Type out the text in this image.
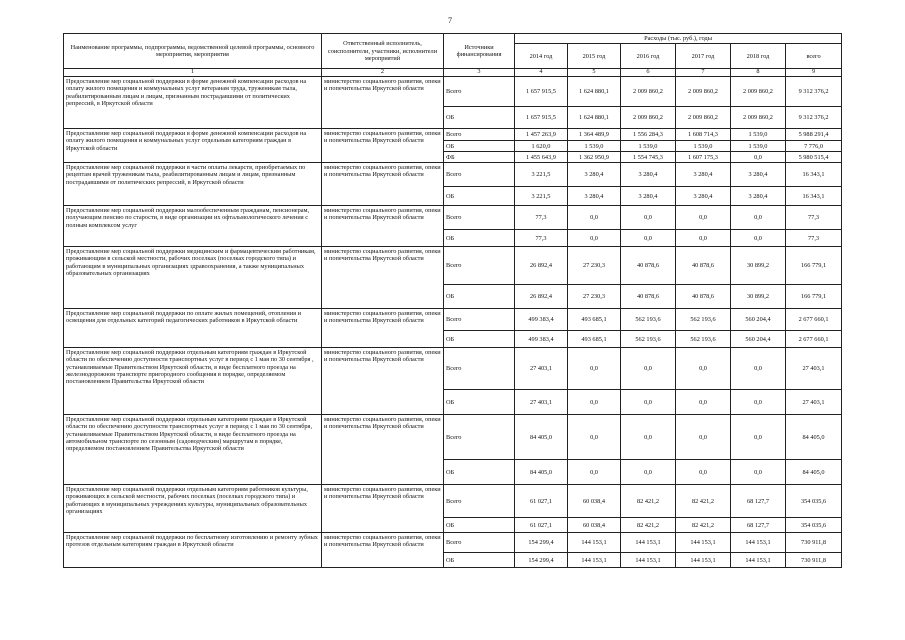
7
Наименование программы, подпрограммы, ведомственной целевой программы, основного мероприятия, мероприятия	Ответственный исполнитель, соисполнители, участники, исполнители мероприятий	Источники финансирования	Расходы (тыс. руб.), годы					
			2014 год	2015 год	2016 год	2017 год	2018 год	всего
1	2	3	4	5	6	7	8	9
Предоставление мер социальной поддержки в форме денежной компенсации расходов на оплату жилого помещения и коммунальных услуг ветеранам труда, труженикам тыла, реабилитированным лицам и лицам, признанным пострадавшими от политических репрессий, в Иркутской области	министерство социального развития, опеки и попечительства Иркутской области	Всего	1 657 915,5	1 624 880,1	2 009 860,2	2 009 860,2	2 009 860,2	9 312 376,2
		ОБ	1 657 915,5	1 624 880,1	2 009 860,2	2 009 860,2	2 009 860,2	9 312 376,2
Предоставление мер социальной поддержки в форме денежной компенсации расходов на оплату жилого помещения и коммунальных услуг отдельным категориям граждан в Иркутской области	министерство социального развития, опеки и попечительства Иркутской области	Всего	1 457 263,9	1 364 489,9	1 556 284,3	1 608 714,3	1 539,0	5 988 291,4
		ОБ	1 620,0	1 539,0	1 539,0	1 539,0	1 539,0	7 776,0
		ФБ	1 455 643,9	1 362 950,9	1 554 745,3	1 607 175,3	0,0	5 980 515,4
Предоставление мер социальной поддержки в части оплаты лекарств, приобретаемых по рецептам врачей труженикам тыла, реабилитированным лицам и лицам, признанным пострадавшими от политических репрессий, в Иркутской области	министерство социального развития, опеки и попечительства Иркутской области	Всего	3 221,5	3 280,4	3 280,4	3 280,4	3 280,4	16 343,1
		ОБ	3 221,5	3 280,4	3 280,4	3 280,4	3 280,4	16 343,1
Предоставление мер социальной поддержки малообеспеченным гражданам, пенсионерам, получающим пенсию по старости, в виде организации их офтальмологического лечения с полным комплексом услуг	министерство социального развития, опеки и попечительства Иркутской области	Всего	77,3	0,0	0,0	0,0	0,0	77,3
		ОБ	77,3	0,0	0,0	0,0	0,0	77,3
Предоставление мер социальной поддержки медицинским и фармацевтическим работникам, проживающим в сельской местности, рабочих поселках (поселках городского типа) и работающим в муниципальных организациях здравоохранения, а также муниципальных образовательных организациях	министерство социального развития, опеки и попечительства Иркутской области	Всего	26 892,4	27 230,3	40 878,6	40 878,6	30 899,2	166 779,1
		ОБ	26 892,4	27 230,3	40 878,6	40 878,6	30 899,2	166 779,1
Предоставление мер социальной поддержки по оплате жилых помещений, отопления и освещения для отдельных категорий педагогических работников в Иркутской области	министерство социального развития, опеки и попечительства Иркутской области	Всего	499 383,4	493 685,1	562 193,6	562 193,6	560 204,4	2 677 660,1
		ОБ	499 383,4	493 685,1	562 193,6	562 193,6	560 204,4	2 677 660,1
Предоставление мер социальной поддержки отдельным категориям граждан в Иркутской области по обеспечению доступности транспортных услуг в период с 1 мая по 30 сентября , устанавливаемые Правительством Иркутской области, в виде бесплатного проезда на железнодорожном транспорте пригородного сообщения в порядке, определяемом постановлением Правительства Иркутской области	министерство социального развития, опеки и попечительства Иркутской области	Всего	27 403,1	0,0	0,0	0,0	0,0	27 403,1
		ОБ	27 403,1	0,0	0,0	0,0	0,0	27 403,1
Предоставление мер социальной поддержки отдельным категориям граждан в Иркутской области по обеспечению доступности транспортных услуг в период с 1 мая по 30 сентября, устанавливаемые Правительством Иркутской области, в виде бесплатного проезда на автомобильном транспорте по сезонным (садоводческим) маршрутам в порядке, определяемом постановлением Правительства Иркутской области	министерство социального развития, опеки и попечительства Иркутской области	Всего	84 405,0	0,0	0,0	0,0	0,0	84 405,0
		ОБ	84 405,0	0,0	0,0	0,0	0,0	84 405,0
Предоставление мер социальной поддержки отдельным категориям работников культуры, проживающих в сельской местности, рабочих поселках (поселках городского типа) и работающих в муниципальных учреждениях культуры, муниципальных образовательных организациях	министерство социального развития, опеки и попечительства Иркутской области	Всего	61 027,1	60 038,4	82 421,2	82 421,2	68 127,7	354 035,6
		ОБ	61 027,1	60 038,4	82 421,2	82 421,2	68 127,7	354 035,6
Предоставление мер социальной поддержки по бесплатному изготовлению и ремонту зубных протезов отдельным категориям граждан в Иркутской области	министерство социального развития, опеки и попечительства Иркутской области	Всего	154 299,4	144 153,1	144 153,1	144 153,1	144 153,1	730 911,8
		ОБ	154 299,4	144 153,1	144 153,1	144 153,1	144 153,1	730 911,8
